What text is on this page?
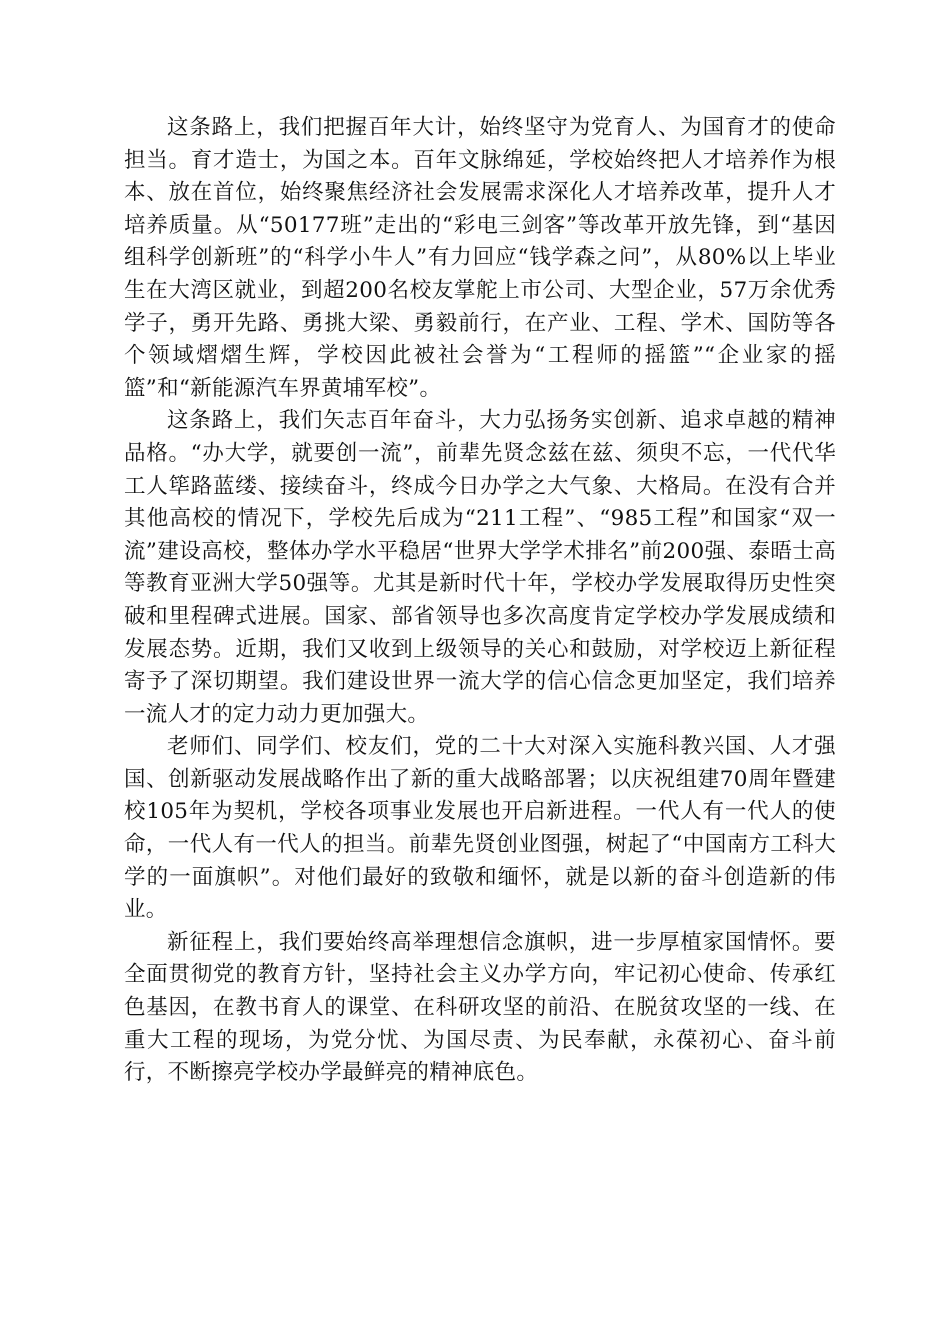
这条路上，我们把握百年大计，始终坚守为党育人、为国育才的使命担当。育才造士，为国之本。百年文脉绵延，学校始终把人才培养作为根本、放在首位，始终聚焦经济社会发展需求深化人才培养改革，提升人才培养质量。从“50177班”走出的“彩电三剑客”等改革开放先锋，到“基因组科学创新班”的“科学小牛人”有力回应“钱学森之问”，从80%以上毕业生在大湾区就业，到超200名校友掌舵上市公司、大型企业，57万余优秀学子，勇开先路、勇挑大梁、勇毅前行，在产业、工程、学术、国防等各个领域熠熠生辉，学校因此被社会誉为“工程师的摇篮”“企业家的摇篮”和“新能源汽车界黄埔军校”。

这条路上，我们矢志百年奋斗，大力弘扬务实创新、追求卓越的精神品格。“办大学，就要创一流”，前辈先贤念兹在兹、须臾不忘，一代代华工人筚路蓝缕、接续奋斗，终成今日办学之大气象、大格局。在没有合并其他高校的情况下，学校先后成为“211工程”、“985工程”和国家“双一流”建设高校，整体办学水平稳居“世界大学学术排名”前200强、泰晤士高等教育亚洲大学50强等。尤其是新时代十年，学校办学发展取得历史性突破和里程碑式进展。国家、部省领导也多次高度肯定学校办学发展成绩和发展态势。近期，我们又收到上级领导的关心和鼓励，对学校迈上新征程寄予了深切期望。我们建设世界一流大学的信心信念更加坚定，我们培养一流人才的定力动力更加强大。

老师们、同学们、校友们，党的二十大对深入实施科教兴国、人才强国、创新驱动发展战略作出了新的重大战略部署；以庆祝组建70周年暨建校105年为契机，学校各项事业发展也开启新进程。一代人有一代人的使命，一代人有一代人的担当。前辈先贤创业图强，树起了“中国南方工科大学的一面旗帜”。对他们最好的致敬和缅怀，就是以新的奋斗创造新的伟业。

新征程上，我们要始终高举理想信念旗帜，进一步厚植家国情怀。要全面贯彻党的教育方针，坚持社会主义办学方向，牢记初心使命、传承红色基因，在教书育人的课堂、在科研攻坚的前沿、在脱贫攻坚的一线、在重大工程的现场，为党分忧、为国尽责、为民奉献，永葆初心、奋斗前行，不断擦亮学校办学最鲜亮的精神底色。
